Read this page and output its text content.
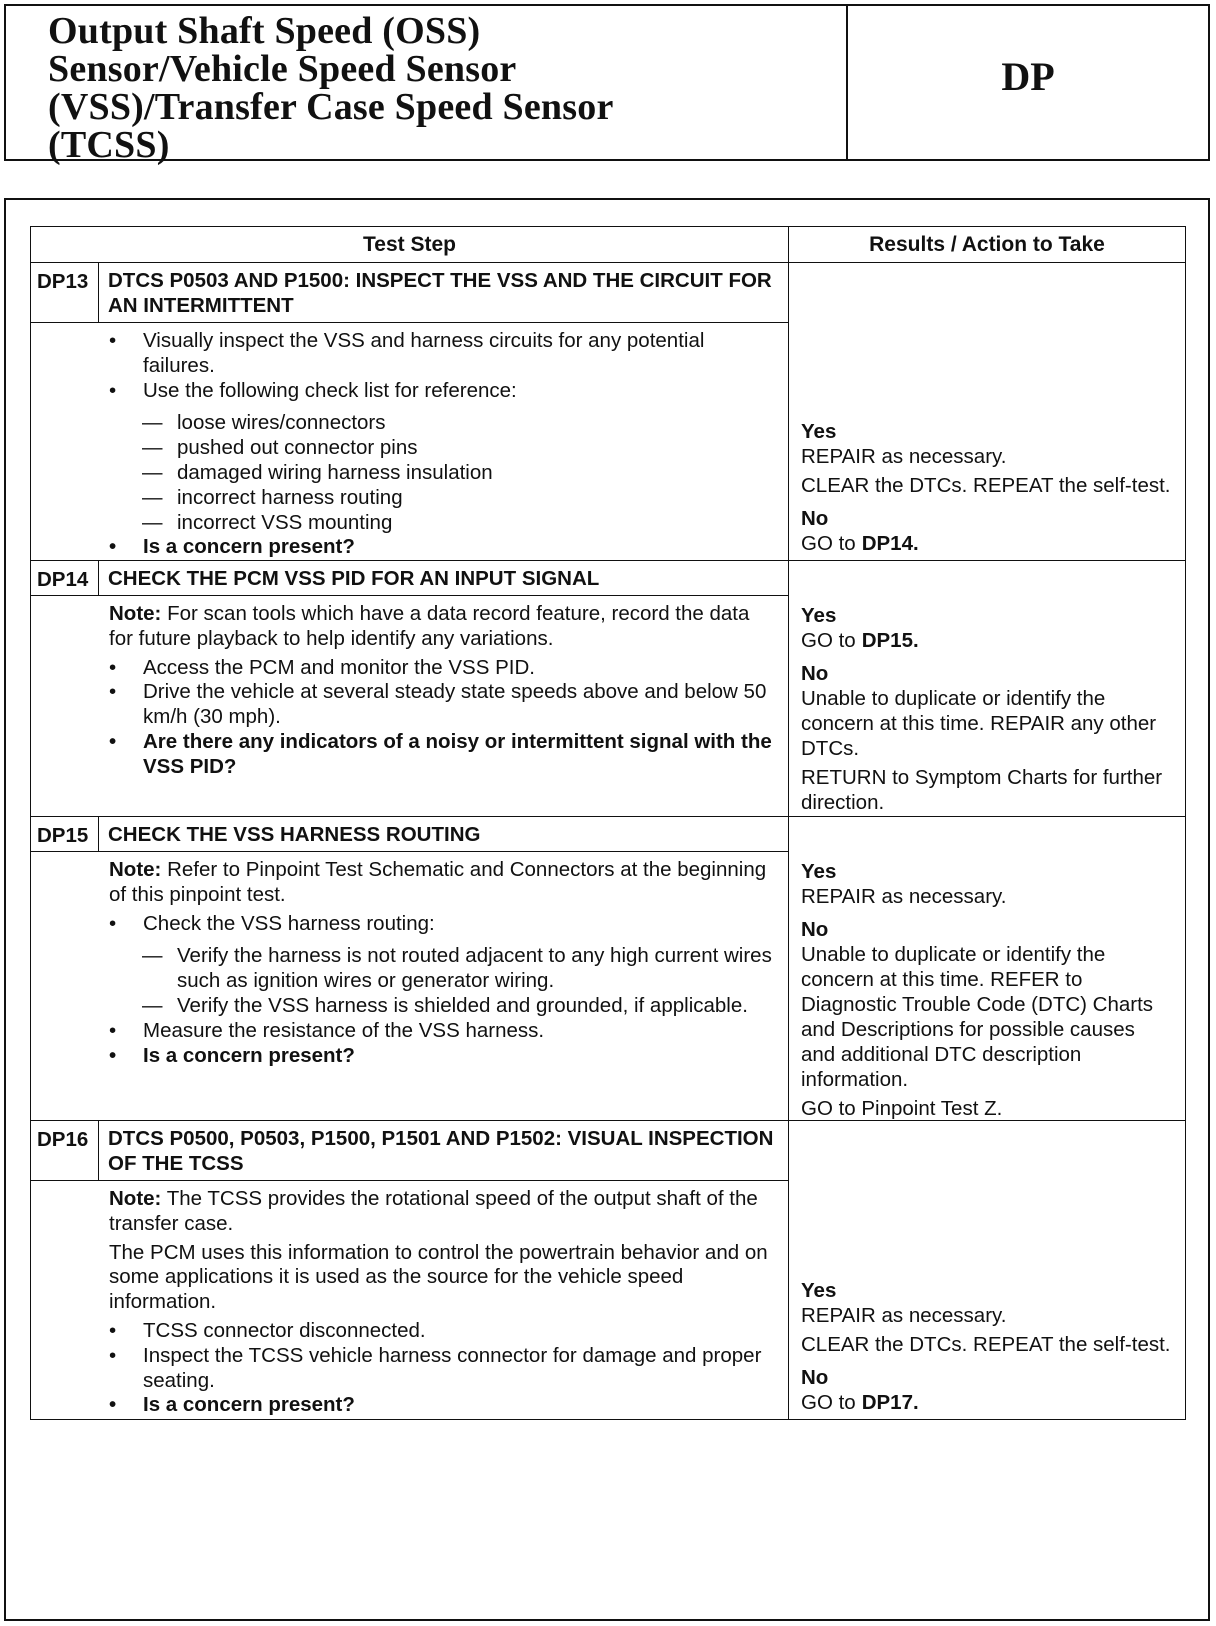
Output Shaft Speed (OSS)
Sensor/Vehicle Speed Sensor
(VSS)/Transfer Case Speed Sensor
(TCSS)
DP
Test Step	Results / Action to Take
DP13 DTCS P0503 AND P1500: INSPECT THE VSS AND THE CIRCUIT FOR AN INTERMITTENT
• Visually inspect the VSS and harness circuits for any potential failures.
• Use the following check list for reference:
— loose wires/connectors
— pushed out connector pins
— damaged wiring harness insulation
— incorrect harness routing
— incorrect VSS mounting
• Is a concern present?
Yes
REPAIR as necessary.
CLEAR the DTCs. REPEAT the self-test.
No
GO to DP14.
DP14 CHECK THE PCM VSS PID FOR AN INPUT SIGNAL
Note: For scan tools which have a data record feature, record the data for future playback to help identify any variations.
• Access the PCM and monitor the VSS PID.
• Drive the vehicle at several steady state speeds above and below 50 km/h (30 mph).
• Are there any indicators of a noisy or intermittent signal with the VSS PID?
Yes
GO to DP15.
No
Unable to duplicate or identify the concern at this time. REPAIR any other DTCs.
RETURN to Symptom Charts for further direction.
DP15 CHECK THE VSS HARNESS ROUTING
Note: Refer to Pinpoint Test Schematic and Connectors at the beginning of this pinpoint test.
• Check the VSS harness routing:
— Verify the harness is not routed adjacent to any high current wires such as ignition wires or generator wiring.
— Verify the VSS harness is shielded and grounded, if applicable.
• Measure the resistance of the VSS harness.
• Is a concern present?
Yes
REPAIR as necessary.
No
Unable to duplicate or identify the concern at this time. REFER to Diagnostic Trouble Code (DTC) Charts and Descriptions for possible causes and additional DTC description information.
GO to Pinpoint Test Z.
DP16 DTCS P0500, P0503, P1500, P1501 AND P1502: VISUAL INSPECTION OF THE TCSS
Note: The TCSS provides the rotational speed of the output shaft of the transfer case.
The PCM uses this information to control the powertrain behavior and on some applications it is used as the source for the vehicle speed information.
• TCSS connector disconnected.
• Inspect the TCSS vehicle harness connector for damage and proper seating.
• Is a concern present?
Yes
REPAIR as necessary.
CLEAR the DTCs. REPEAT the self-test.
No
GO to DP17.
